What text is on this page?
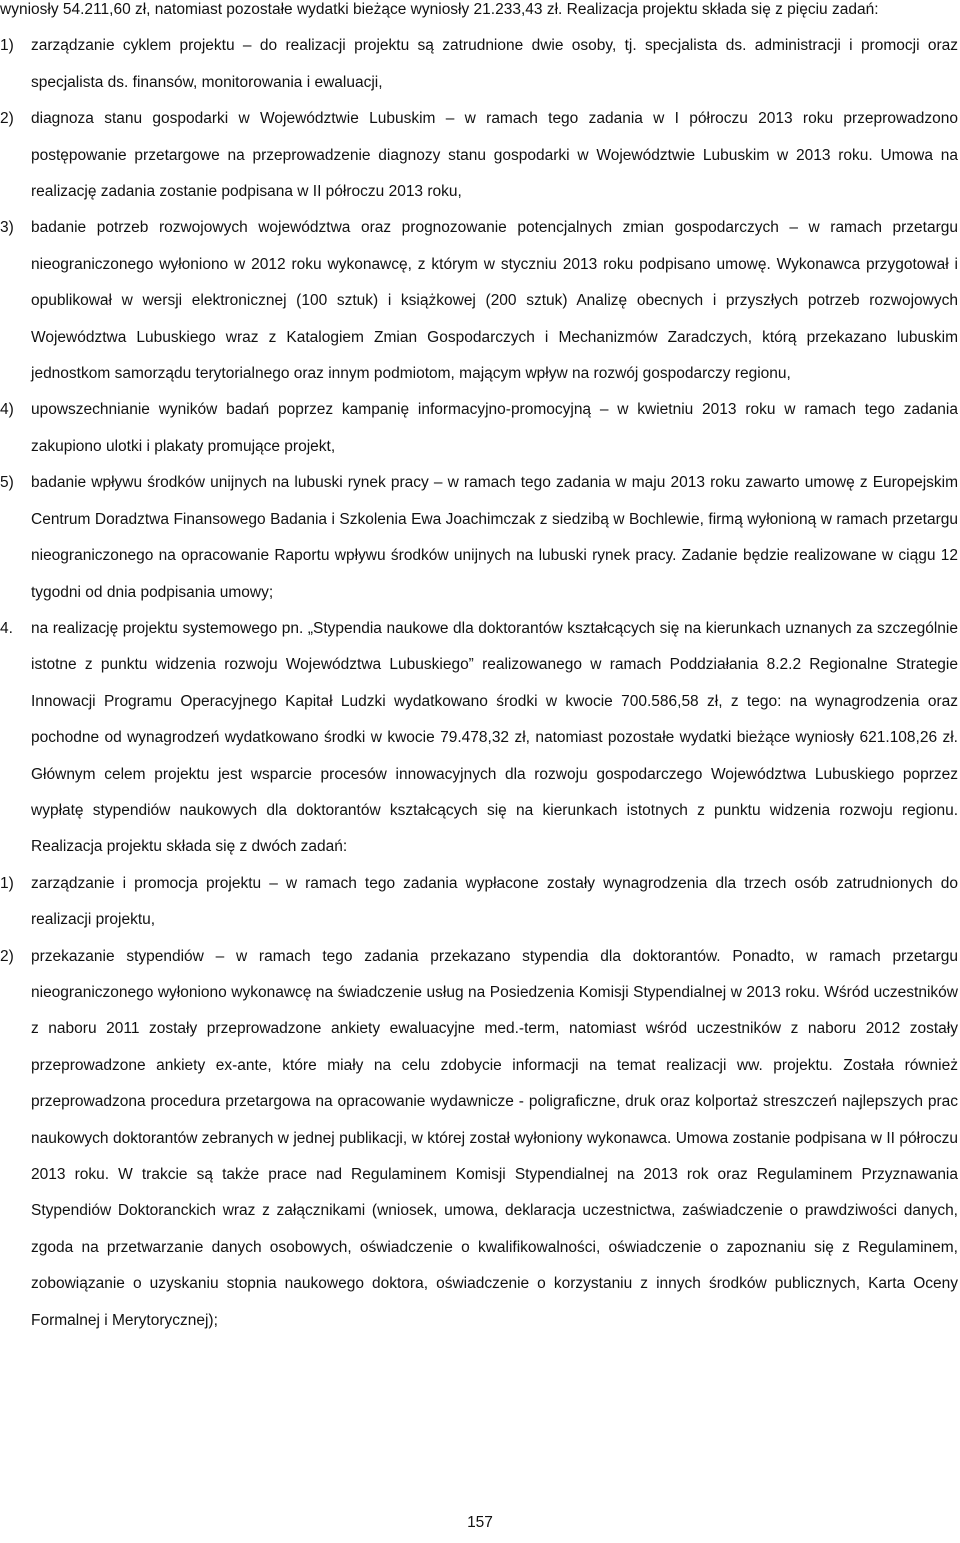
wyniosły 54.211,60 zł, natomiast pozostałe wydatki bieżące wyniosły 21.233,43 zł. Realizacja projektu składa się z pięciu zadań:

1) zarządzanie cyklem projektu – do realizacji projektu są zatrudnione dwie osoby, tj. specjalista ds. administracji i promocji oraz specjalista ds. finansów, monitorowania i ewaluacji,
2) diagnoza stanu gospodarki w Województwie Lubuskim – w ramach tego zadania w I półroczu 2013 roku przeprowadzono postępowanie przetargowe na przeprowadzenie diagnozy stanu gospodarki w Województwie Lubuskim w 2013 roku. Umowa na realizację zadania zostanie podpisana w II półroczu 2013 roku,
3) badanie potrzeb rozwojowych województwa oraz prognozowanie potencjalnych zmian gospodarczych – w ramach przetargu nieograniczonego wyłoniono w 2012 roku wykonawcę, z którym w styczniu 2013 roku podpisano umowę. Wykonawca przygotował i opublikował w wersji elektronicznej (100 sztuk) i książkowej (200 sztuk) Analizę obecnych i przyszłych potrzeb rozwojowych Województwa Lubuskiego wraz z Katalogiem Zmian Gospodarczych i Mechanizmów Zaradczych, którą przekazano lubuskim jednostkom samorządu terytorialnego oraz innym podmiotom, mającym wpływ na rozwój gospodarczy regionu,
4) upowszechnianie wyników badań poprzez kampanię informacyjno-promocyjną – w kwietniu 2013 roku w ramach tego zadania zakupiono ulotki i plakaty promujące projekt,
5) badanie wpływu środków unijnych na lubuski rynek pracy – w ramach tego zadania w maju 2013 roku zawarto umowę z Europejskim Centrum Doradztwa Finansowego Badania i Szkolenia Ewa Joachimczak z siedzibą w Bochlewie, firmą wyłonioną w ramach przetargu nieograniczonego na opracowanie Raportu wpływu środków unijnych na lubuski rynek pracy. Zadanie będzie realizowane w ciągu 12 tygodni od dnia podpisania umowy;
4. na realizację projektu systemowego pn. „Stypendia naukowe dla doktorantów kształcących się na kierunkach uznanych za szczególnie istotne z punktu widzenia rozwoju Województwa Lubuskiego” realizowanego w ramach Poddziałania 8.2.2 Regionalne Strategie Innowacji Programu Operacyjnego Kapitał Ludzki wydatkowano środki w kwocie 700.586,58 zł, z tego: na wynagrodzenia oraz pochodne od wynagrodzeń wydatkowano środki w kwocie 79.478,32 zł, natomiast pozostałe wydatki bieżące wyniosły 621.108,26 zł. Głównym celem projektu jest wsparcie procesów innowacyjnych dla rozwoju gospodarczego Województwa Lubuskiego poprzez wypłatę stypendiów naukowych dla doktorantów kształcących się na kierunkach istotnych z punktu widzenia rozwoju regionu. Realizacja projektu składa się z dwóch zadań:
1) zarządzanie i promocja projektu – w ramach tego zadania wypłacone zostały wynagrodzenia dla trzech osób zatrudnionych do realizacji projektu,
2) przekazanie stypendiów – w ramach tego zadania przekazano stypendia dla doktorantów. Ponadto, w ramach przetargu nieograniczonego wyłoniono wykonawcę na świadczenie usług na Posiedzenia Komisji Stypendialnej w 2013 roku. Wśród uczestników z naboru 2011 zostały przeprowadzone ankiety ewaluacyjne med.-term, natomiast wśród uczestników z naboru 2012 zostały przeprowadzone ankiety ex-ante, które miały na celu zdobycie informacji na temat realizacji ww. projektu. Została również przeprowadzona procedura przetargowa na opracowanie wydawnicze - poligraficzne, druk oraz kolportaż streszczeń najlepszych prac naukowych doktorantów zebranych w jednej publikacji, w której został wyłoniony wykonawca. Umowa zostanie podpisana w II półroczu 2013 roku. W trakcie są także prace nad Regulaminem Komisji Stypendialnej na 2013 rok oraz Regulaminem Przyznawania Stypendiów Doktoranckich wraz z załącznikami (wniosek, umowa, deklaracja uczestnictwa, zaświadczenie o prawdziwości danych, zgoda na przetwarzanie danych osobowych, oświadczenie o kwalifikowalności, oświadczenie o zapoznaniu się z Regulaminem, zobowiązanie o uzyskaniu stopnia naukowego doktora, oświadczenie o korzystaniu z innych środków publicznych, Karta Oceny Formalnej i Merytorycznej);
157
